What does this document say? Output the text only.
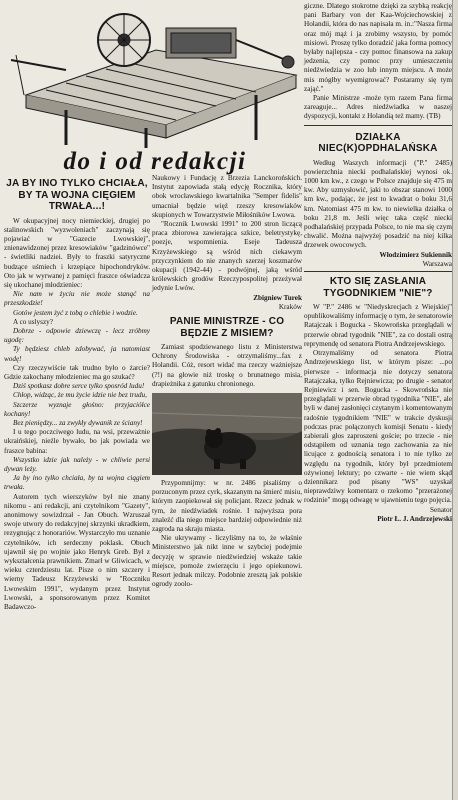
do i od redakcji
JA BY INO TYLKO CHCIAŁA, BY TA WOJNA CIĘGIEM TRWAŁA...!

W okupacyjnej nocy niemieckiej, drugiej po stalinowskich "wyzwoleniach" zaczynają się pojawiać w "Gazecie Lwowskiej", znienawidzonej przez kresowiaków "gadzinówce" - świetliki nadziei. Były to fraszki satyryczne budzące uśmiech i krzepiące hipochondryków. Oto jak w wyrwanej z pamięci fraszce oświadcza się ukochanej młodzieniec:

Nie nam w życiu nie może stanąć na przeszkodzie!

Gotów jestem żyć z tobą o chlebie i wodzie.

A co uslyszy?

Dobrze - odpowie dziewczę - lecz zróbmy ugodę:

Ty będziesz chleb zdobywać, ja natomiast wodę!

Czy rzeczywiście tak trudno było o żarcie? Gdzie zakochany młodzieniec ma go szukać?

Dziś spotkasz dobre serce tylko sposród ludu!

Chłop, widząc, że mu życie idzie nie bez trudu,

Szczerze wyznaje głośno: przyjaciółce kochany!

Bez pieniędzy... za zwykły dywanik ze ściany!

I u tego poczciwego ludu, na wsi, przeważnie ukraińskiej, nieźle bywało, bo jak powiada we fraszce babina:

Wszystko idzie jak należy - w chliwie persi dywan leży.

Ja by ino tylko chciała, by ta wojna ciągiem trwała.

Autorem tych wierszyków był nie znany nikomu - ani redakcji, ani czytelnikom "Gazety", anonimowy sowizdrzał - Jan Obuch. Wzruszał swoje utwory do redakcyjnej skrzynki ukradkiem, rezygnując z honorariów. Wystarczyło mu uznanie czytelników, ich serdeczny poklask. Obuch ujawnił się po wojnie jako Henryk Greb. Był z wykształcenia prawnikiem. Zmarł w Gliwicach, w wieku czterdziestu lat. Pisze o nim szczery i wierny Tadeusz Krzyżewski w "Roczniku Lwowskim 1991", wydanym przez Instytut Lwowski, a sponsorowanym przez Komitet Badawczo-

Naukowy i Fundację z Brzezia Lanckorońskich. Instytut zapowiada stałą edycję Rocznika, który obok wrocławskiego kwartalnika "Semper fidelis" umacniał będzie więź rzeszy kresowiaków skupionych w Towarzystwie Miłośników Lwowa.

"Rocznik Lwowski 1991" to 200 stron liczącą praca zbiorowa zawierająca szkice, beletrystykę, poezje, wspomnienia. Eseje Tadeusza Krzyżewskiego są wśród nich ciekawym przyczynkiem do nie znanych szerzej koszmarów okupacji (1942-44) - podwójnej, jaką wśród królewskich grodów Rzeczypospolitej przeżywał jedynie Lwów.

Zbigniew Turek

Kraków

PANIE MINISTRZE - CO BĘDZIE Z MISIEM?

Zamiast spodziewanego listu z Ministerstwa Ochrony Środowiska - otrzymaliśmy...fax z Holandii. Cóż, resort widać ma rzeczy ważniejsze (?!) na głowie niż troskę o brunatnego misia, drapieżnika z gatunku chronionego.

Przypomnijmy: w nr. 2486 pisaliśmy o porzuconym przez cyrk, skazanym na śmierć misiu, którym zaopiekował się policjant. Rzecz jednak w tym, że niedźwiadek rośnie. I najwyższa pora znaleźć dla niego miejsce bardziej odpowiednie niż zagroda na skraju miasta.

Nie ukrywamy - liczyliśmy na to, że właśnie Ministerstwo jak nikt inne w szybciej podejmie decyzję w sprawie niedźwiedziej wskaże takie miejsce, pomoże zwierzęciu i jego opiekunowi. Resort jednak milczy. Podobnie zresztą jak polskie ogrody zoolo-

giczne. Dlatego stokrotne dzięki za szybką reakcję pani Barbary von der Kaa-Wojciechowskiej z Holandii, która do nas napisała m. in.:"Nasza firma oraz mój mąż i ja zrobimy wszysto, by pomóc misiowi. Proszę tylko doradzić jaka forma pomocy byłaby najlepsza - czy pomoc finansowa na zakup jedzenia, czy pomoc przy umieszczeniu niedźwiedzia w zoo lub innym miejscu. A może mis mógłby wyemigrować? Postaramy się tym zająć."

Panie Ministrze -może tym razem Pana firma zareaguje... Adres niedźwiadka w naszej dyspozycji, kontakt z Holandią też mamy. (TB)

DZIAŁKA NIEC(K)OPDHALAŃSKA

Według Waszych informacji ("P." 2485) powierzchnia niecki podhalańskiej wynosi ok. 1000 km kw., z czego w Polsce znajduje się 475 m kw. Aby uzmysłowić, jaki to obszar stanowi 1000 km kw., podając, że jest to kwadrat o boku 31,6 km. Natomiast 475 m kw. to niewielka działka o boku 21,8 m. Jeśli więc taka część niecki podhalańskiej przypada Polsce, to nie ma się czym chwalić. Można najwyżej posadzić na niej kilka drzewek owocowych.

Włodzimierz Sukiennik

Warszawa

KTO SIĘ ZASŁANIA TYGODNIKIEM "NIE"?

W "P." 2486 w "Niedyskrecjach z Wiejskiej" opublikowaliśmy informację o tym, że senatorowie Ratajczak i Boguckа - Skowrońska przeglądali w przerwie obrad tygodnik "NIE", za co dostali ostrą reprymendę od senatora Piotra Andrzejewskiego.

Otrzymaliśmy od senatora Piotra Andrzejewskiego list, w którym pisze: ...po pierwsze - informacja nie dotyczy senatora Ratajczaka, tylko Rejniewicza; po drugie - senator Rejniewicz i sen. Boguckа - Skowrońska nie przeglądali w przerwie obrad tygodnika "NIE", ale byli w danej zasłonięci czytanym i komentowanym radośnie tygodnikiem "NIE" w trakcie dyskusji podczas prac połączonych komisji Senatu - kiedy zabierali głos zaproszeni goście; po trzecie - nie odstąpiłem od uznania tego zachowania za nie licujące z godnością senatora i to nie tylko ze względu na tygodnik, który był przedmiotem ożywionej lektury; po czwarte - nie wiem skąd dziennikarz pod pisany "WS" uzyskał nieprawdziwy komentarz o rzekomo "przerażonej rodzinie" mogą odwagę w ujawnieniu tego pojęcia.

Senator

Piotr Ł. J. Andrzejewski
